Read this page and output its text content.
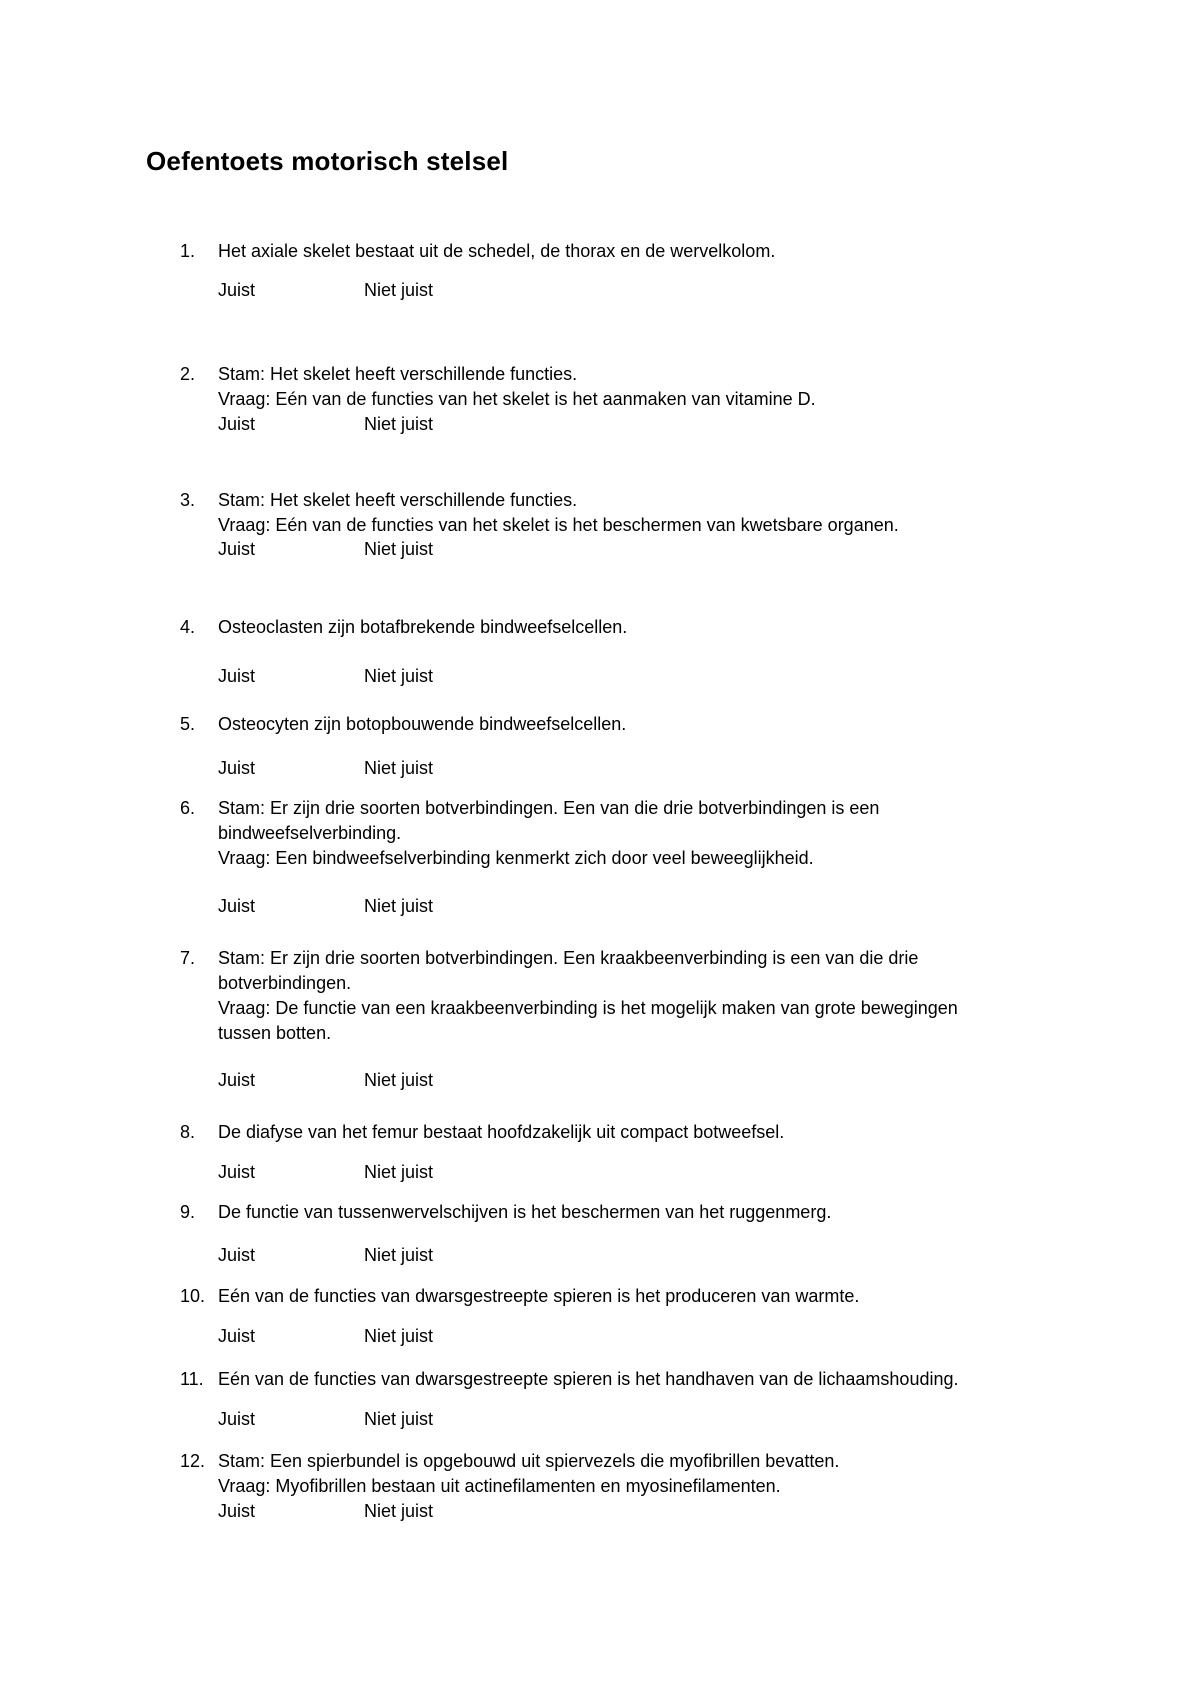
Oefentoets motorisch stelsel
1.	Het axiale skelet bestaat uit de schedel, de thorax en de wervelkolom.
Juist	Niet juist
2.	Stam: Het skelet heeft verschillende functies.
Vraag: Eén van de functies van het skelet is het aanmaken van vitamine D.
Juist	Niet juist
3.	Stam: Het skelet heeft verschillende functies.
Vraag: Eén van de functies van het skelet is het beschermen van kwetsbare organen.
Juist	Niet juist
4.	Osteoclasten zijn botafbrekende bindweefselcellen.
Juist	Niet juist
5.	Osteocyten zijn botopbouwende bindweefselcellen.
Juist	Niet juist
6.	Stam: Er zijn drie soorten botverbindingen. Een van die drie botverbindingen is een
bindweefselverbinding.
Vraag: Een bindweefselverbinding kenmerkt zich door veel beweeglijkheid.
Juist	Niet juist
7.	Stam: Er zijn drie soorten botverbindingen. Een kraakbeenverbinding is een van die drie
botverbindingen.
Vraag: De functie van een kraakbeenverbinding is het mogelijk maken van grote bewegingen
tussen botten.
Juist	Niet juist
8.	De diafyse van het femur bestaat hoofdzakelijk uit compact botweefsel.
Juist	Niet juist
9.	De functie van tussenwervelschijven is het beschermen van het ruggenmerg.
Juist	Niet juist
10. Eén van de functies van dwarsgestreepte spieren is het produceren van warmte.
Juist	Niet juist
11. Eén van de functies van dwarsgestreepte spieren is het handhaven van de lichaamshouding.
Juist	Niet juist
12. Stam: Een spierbundel is opgebouwd uit spiervezels die myofibrillen bevatten.
Vraag: Myofibrillen bestaan uit actinefilamenten en myosinefilamenten.
Juist	Niet juist
